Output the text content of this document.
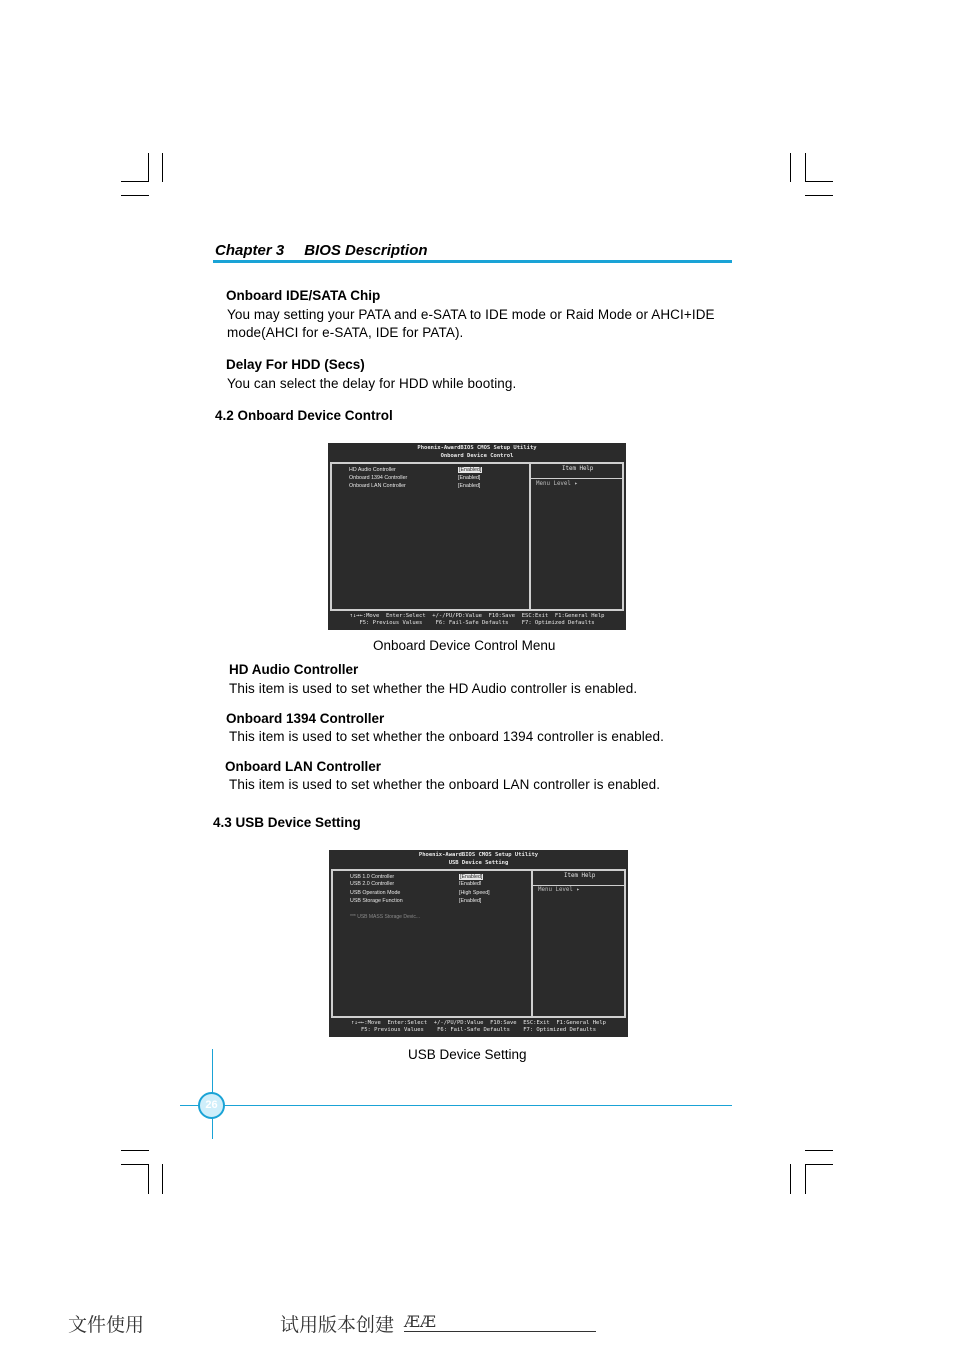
Chapter 3 BIOS Description
Onboard IDE/SATA Chip
You may setting your PATA and e-SATA to IDE mode or Raid Mode or AHCI+IDE
mode(AHCI for e-SATA, IDE for PATA).
Delay For HDD (Secs)
You can select the delay for HDD while booting.
4.2 Onboard Device Control
Phoenix-AwardBIOS CMOS Setup Utility
Onboard Device Control
HD Audio Controller	[Enabled]
Onboard 1394 Controller	[Enabled]
Onboard LAN Controller	[Enabled]
Item Help
Menu Level ▸
↑↓→←:Move  Enter:Select  +/-/PU/PD:Value  F10:Save  ESC:Exit  F1:General Help
F5: Previous Values    F6: Fail-Safe Defaults    F7: Optimized Defaults
Onboard Device Control Menu
HD Audio Controller
This item is used to set whether the HD Audio controller is enabled.
Onboard 1394 Controller
This item is used to set whether the onboard 1394 controller is enabled.
Onboard LAN Controller
This item is used to set whether the onboard LAN controller is enabled.
4.3 USB Device Setting
Phoenix-AwardBIOS CMOS Setup Utility
USB Device Setting
USB 1.0 Controller	[Enabled]
USB 2.0 Controller	[Enabled]
USB Operation Mode	[High Speed]
USB Storage Function	[Enabled]
*** USB MASS Storage Devic...
Item Help
Menu Level ▸
↑↓→←:Move  Enter:Select  +/-/PU/PD:Value  F10:Save  ESC:Exit  F1:General Help
F5: Previous Values    F6: Fail-Safe Defaults    F7: Optimized Defaults
USB Device Setting
26
文件使用	试用版本创建 ÆÆ
